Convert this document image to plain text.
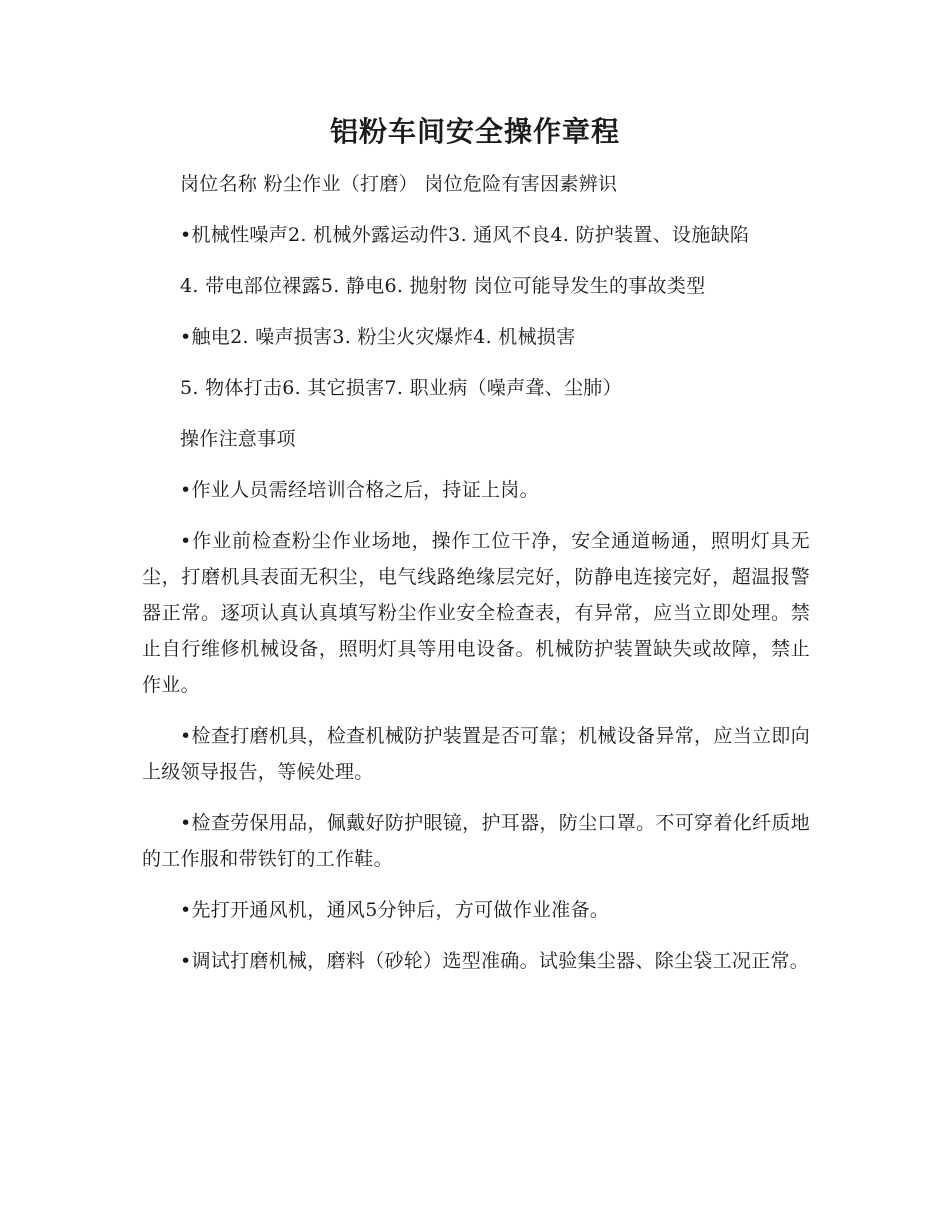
铝粉车间安全操作章程

岗位名称 粉尘作业（打磨） 岗位危险有害因素辨识

•机械性噪声2. 机械外露运动件3. 通风不良4. 防护装置、设施缺陷

4. 带电部位裸露5. 静电6. 抛射物 岗位可能导发生的事故类型

•触电2. 噪声损害3. 粉尘火灾爆炸4. 机械损害

5. 物体打击6. 其它损害7. 职业病（噪声聋、尘肺）

操作注意事项

•作业人员需经培训合格之后，持证上岗。

•作业前检查粉尘作业场地，操作工位干净，安全通道畅通，照明灯具无尘，打磨机具表面无积尘，电气线路绝缘层完好，防静电连接完好，超温报警器正常。逐项认真认真填写粉尘作业安全检查表，有异常，应当立即处理。禁止自行维修机械设备，照明灯具等用电设备。机械防护装置缺失或故障，禁止作业。

•检查打磨机具，检查机械防护装置是否可靠；机械设备异常，应当立即向上级领导报告，等候处理。

•检查劳保用品，佩戴好防护眼镜，护耳器，防尘口罩。不可穿着化纤质地的工作服和带铁钉的工作鞋。

•先打开通风机，通风5分钟后，方可做作业准备。

•调试打磨机械，磨料（砂轮）选型准确。试验集尘器、除尘袋工况正常。
